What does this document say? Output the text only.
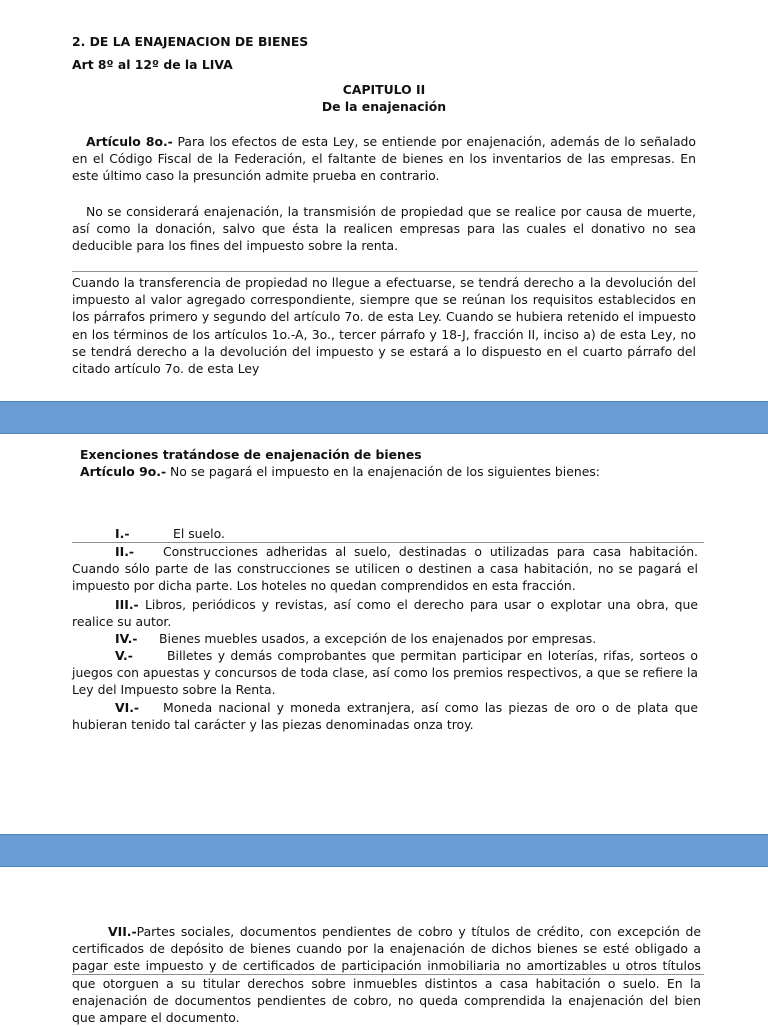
2. DE LA ENAJENACION DE BIENES
Art 8º al 12º de la LIVA
CAPITULO II
De la enajenación
Artículo 8o.- Para los efectos de esta Ley, se entiende por enajenación, además de lo señalado en el Código Fiscal de la Federación, el faltante de bienes en los inventarios de las empresas. En este último caso la presunción admite prueba en contrario.
No se considerará enajenación, la transmisión de propiedad que se realice por causa de muerte, así como la donación, salvo que ésta la realicen empresas para las cuales el donativo no sea deducible para los fines del impuesto sobre la renta.
Cuando la transferencia de propiedad no llegue a efectuarse, se tendrá derecho a la devolución del impuesto al valor agregado correspondiente, siempre que se reúnan los requisitos establecidos en los párrafos primero y segundo del artículo 7o. de esta Ley. Cuando se hubiera retenido el impuesto en los términos de los artículos 1o.-A, 3o., tercer párrafo y 18-J, fracción II, inciso a) de esta Ley, no se tendrá derecho a la devolución del impuesto y se estará a lo dispuesto en el cuarto párrafo del citado artículo 7o. de esta Ley
Exenciones tratándose de enajenación de bienes
Artículo 9o.- No se pagará el impuesto en la enajenación de los siguientes bienes:
I.-	El suelo.
II.- Construcciones adheridas al suelo, destinadas o utilizadas para casa habitación. Cuando sólo parte de las construcciones se utilicen o destinen a casa habitación, no se pagará el impuesto por dicha parte. Los hoteles no quedan comprendidos en esta fracción.
III.- Libros, periódicos y revistas, así como el derecho para usar o explotar una obra, que realice su autor.
IV.- Bienes muebles usados, a excepción de los enajenados por empresas.
V.-	Billetes y demás comprobantes que permitan participar en loterías, rifas, sorteos o juegos con apuestas y concursos de toda clase, así como los premios respectivos, a que se refiere la Ley del Impuesto sobre la Renta.
VI.- Moneda nacional y moneda extranjera, así como las piezas de oro o de plata que hubieran tenido tal carácter y las piezas denominadas onza troy.
VII.-Partes sociales, documentos pendientes de cobro y títulos de crédito, con excepción de certificados de depósito de bienes cuando por la enajenación de dichos bienes se esté obligado a pagar este impuesto y de certificados de participación inmobiliaria no amortizables u otros títulos que otorguen a su titular derechos sobre inmuebles distintos a casa habitación o suelo. En la enajenación de documentos pendientes de cobro, no queda comprendida la enajenación del bien que ampare el documento.
